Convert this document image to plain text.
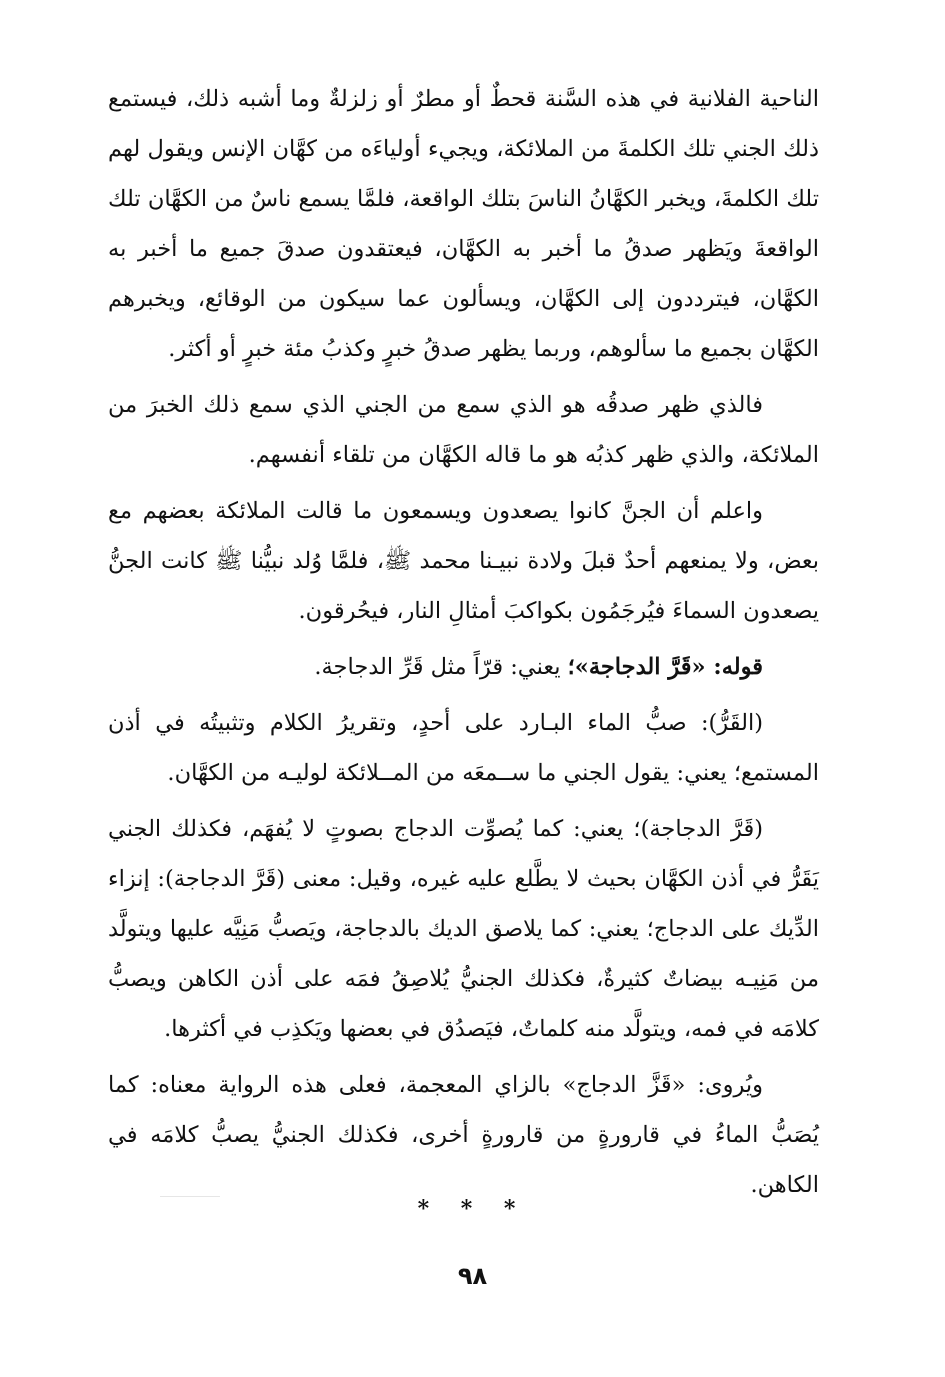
الناحية الفلانية في هذه السَّنة قحطٌ أو مطرٌ أو زلزلةٌ وما أشبه ذلك، فيستمع ذلك الجني تلك الكلمةَ من الملائكة، ويجيء أولياءَه من كهَّان الإنس ويقول لهم تلك الكلمةَ، ويخبر الكهَّانُ الناسَ بتلك الواقعة، فلمَّا يسمع ناسٌ من الكهَّان تلك الواقعةَ ويَظهر صدقُ ما أخبر به الكهَّان، فيعتقدون صدقَ جميع ما أخبر به الكهَّان، فيترددون إلى الكهَّان، ويسألون عما سيكون من الوقائع، ويخبرهم الكهَّان بجميع ما سألوهم، وربما يظهر صدقُ خبرٍ وكذبُ مئة خبرٍ أو أكثر.

فالذي ظهر صدقُه هو الذي سمع من الجني الذي سمع ذلك الخبرَ من الملائكة، والذي ظهر كذبُه هو ما قاله الكهَّان من تلقاء أنفسهم.

واعلم أن الجنَّ كانوا يصعدون ويسمعون ما قالت الملائكة بعضهم مع بعض، ولا يمنعهم أحدٌ قبلَ ولادة نبيـنا محمد ﷺ، فلمَّا وُلد نبيُّنا ﷺ كانت الجنُّ يصعدون السماءَ فيُرجَمُون بكواكبَ أمثالِ النار، فيحُرقون.

قوله: «قَرَّ الدجاجة»؛ يعني: قرّاً مثل قَرِّ الدجاجة.

(القَرُّ): صبُّ الماء البـارد على أحدٍ، وتقريرُ الكلام وتثبيتُه في أذن المستمع؛ يعني: يقول الجني ما ســمعَه من المــلائكة لوليـه من الكهَّان.

(قَرَّ الدجاجة)؛ يعني: كما يُصوِّت الدجاج بصوتٍ لا يُفهَم، فكذلك الجني يَقَرُّ في أذن الكهَّان بحيث لا يطَّلع عليه غيره، وقيل: معنى (قَرَّ الدجاجة): إنزاء الدِّيك على الدجاج؛ يعني: كما يلاصق الديك بالدجاجة، ويَصبُّ مَنِيَّه عليها ويتولَّد من مَنِيـه بيضاتٌ كثيرةٌ، فكذلك الجنيُّ يُلاصِقُ فمَه على أذن الكاهن ويصبُّ كلامَه في فمه، ويتولَّد منه كلماتٌ، فيَصدُق في بعضها ويَكذِب في أكثرها.

ويُروى: «قَزَّ الدجاج» بالزاي المعجمة، فعلى هذه الرواية معناه: كما يُصَبُّ الماءُ في قارورةٍ من قارورةٍ أخرى، فكذلك الجنيُّ يصبُّ كلامَه في الكاهن.

* * *
٩٨
